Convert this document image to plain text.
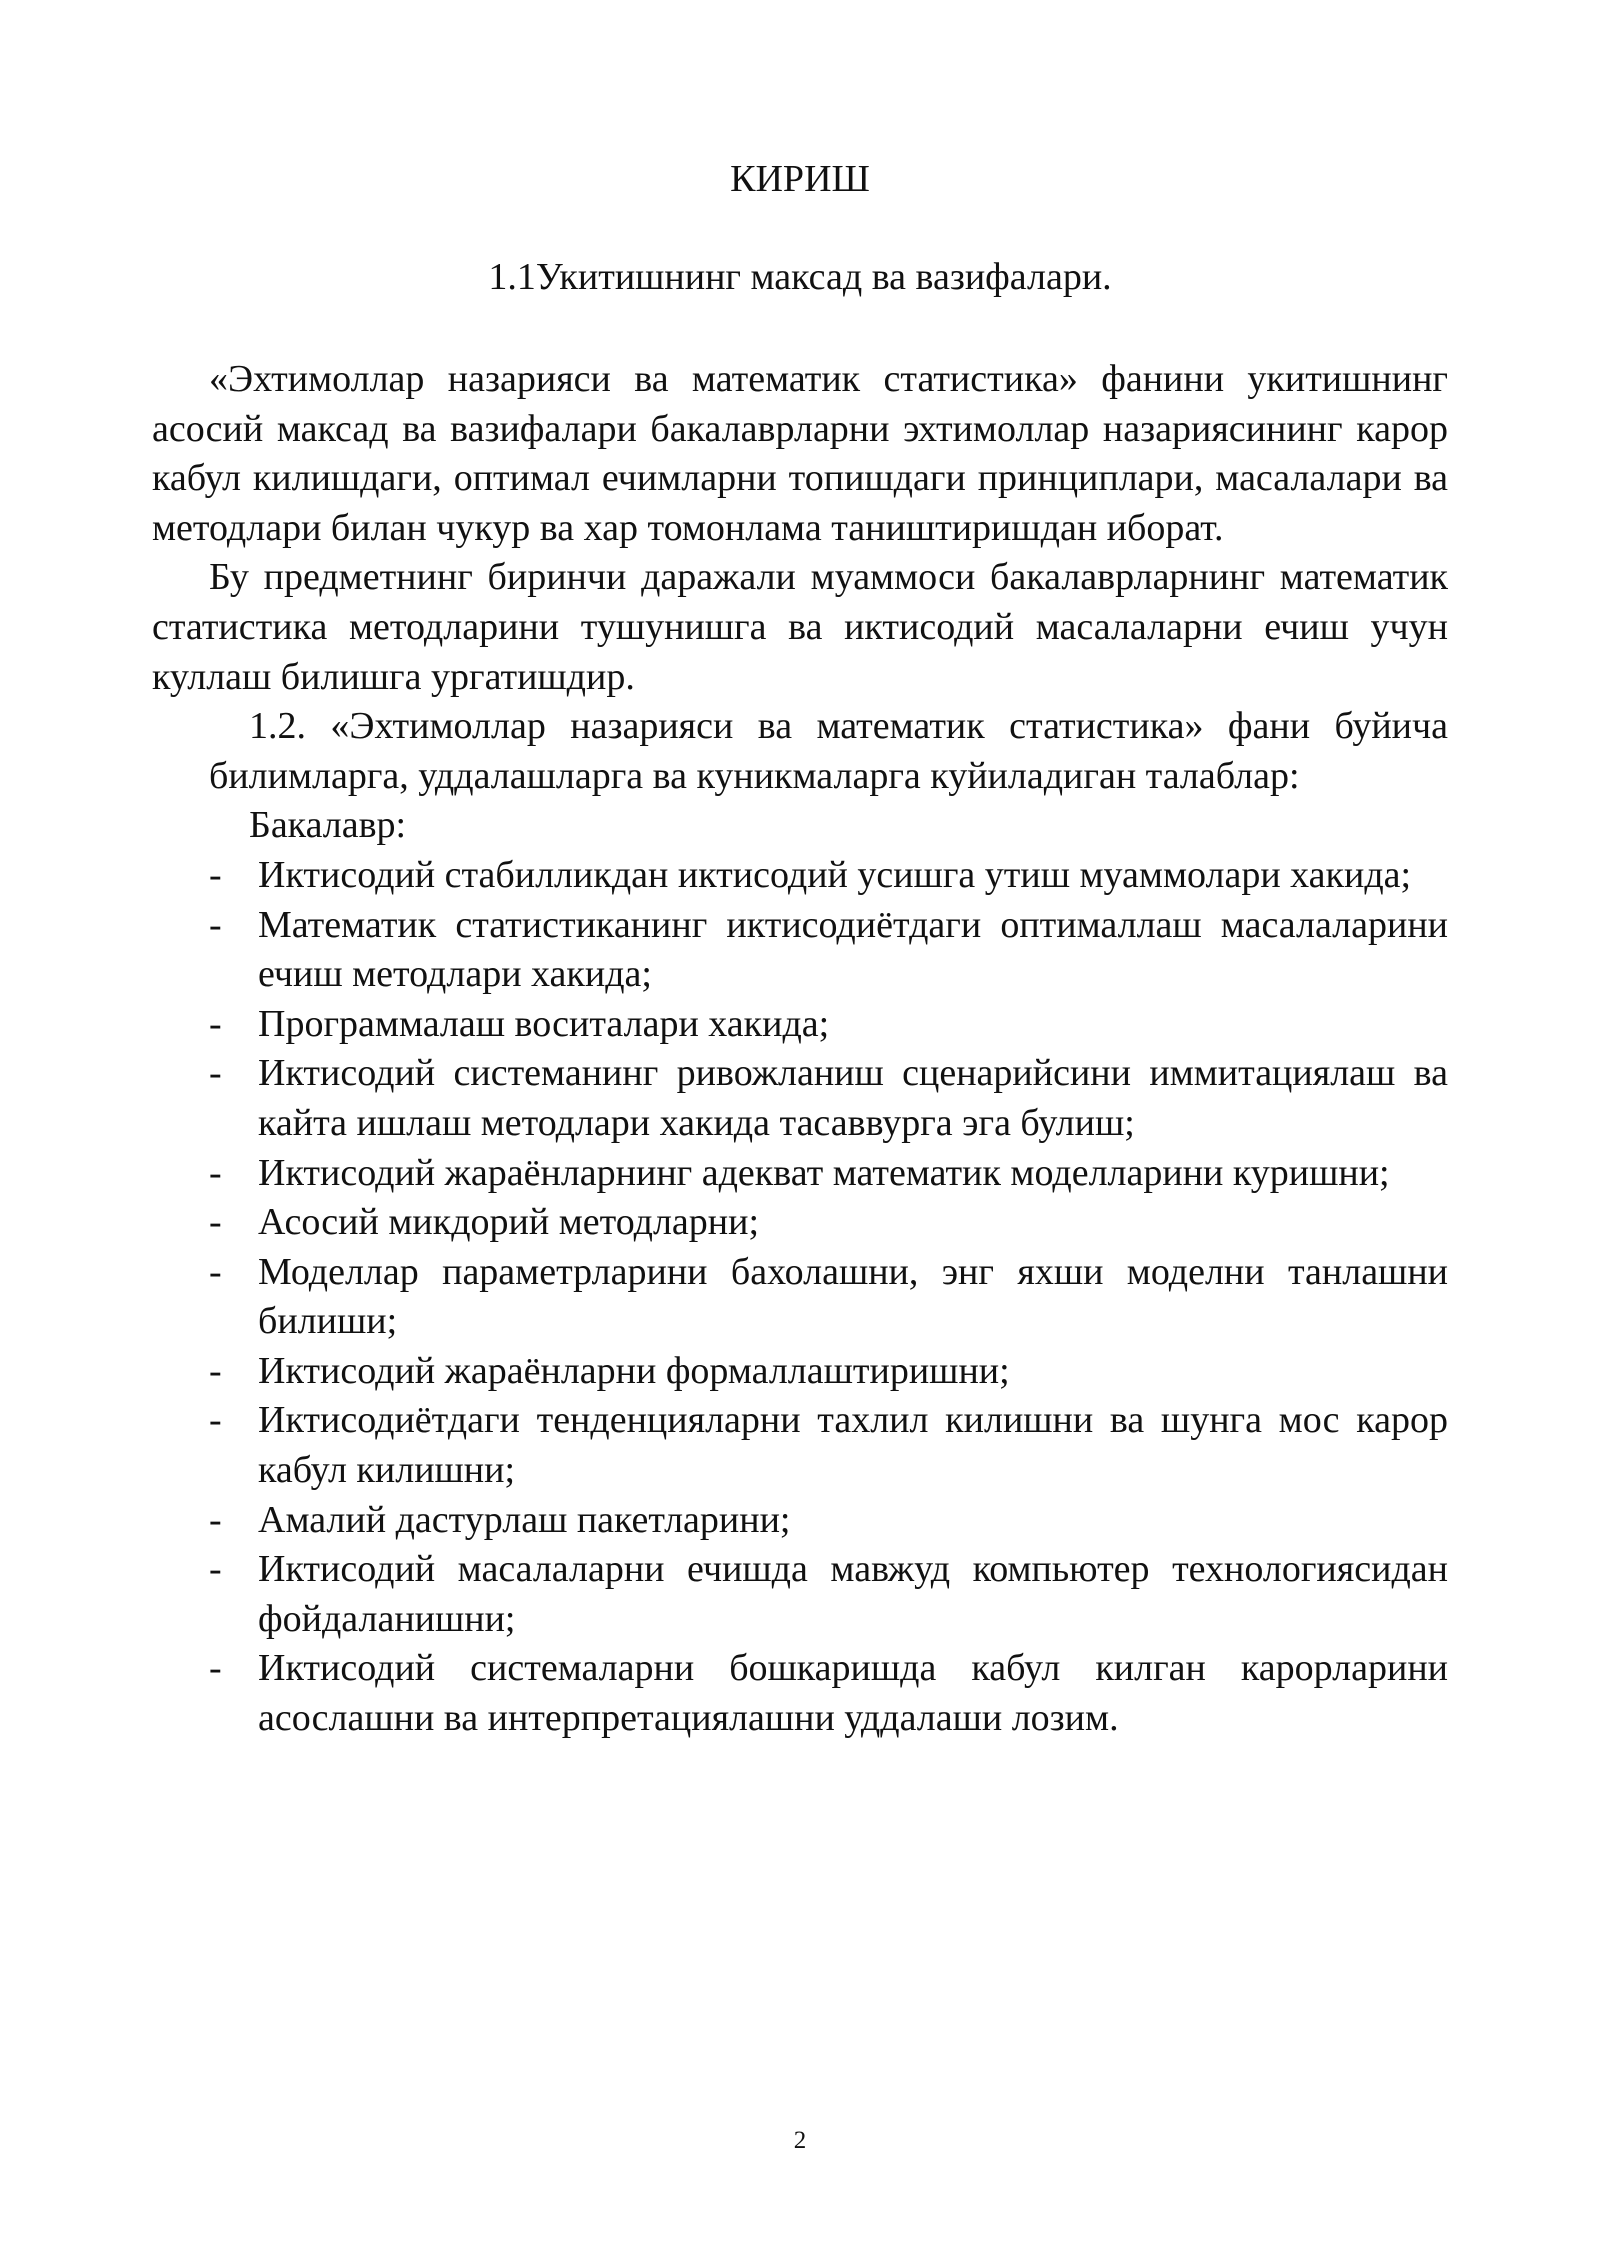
КИРИШ
1.1Укитишнинг максад ва вазифалари.

«Эхтимоллар назарияси ва математик статистика» фанини укитишнинг асосий максад ва вазифалари бакалаврларни эхтимоллар назариясининг карор кабул килишдаги, оптимал ечимларни топишдаги принциплари, масалалари ва методлари билан чукур ва хар томонлама таништиришдан иборат.

Бу предметнинг биринчи даражали муаммоси бакалаврларнинг математик статистика методларини тушунишга ва иктисодий масалаларни ечиш учун куллаш билишга ургатишдир.

1.2. «Эхтимоллар назарияси ва математик статистика» фани буйича билимларга, уддалашларга ва куникмаларга куйиладиган талаблар:

Бакалавр:

- Иктисодий стабилликдан иктисодий усишга утиш муаммолари хакида;
- Математик статистиканинг иктисодиётдаги оптималлаш масалаларини ечиш методлари хакида;
- Программалаш воситалари хакида;
- Иктисодий системанинг ривожланиш сценарийсини иммитациялаш ва кайта ишлаш методлари хакида тасаввурга эга булиш;
- Иктисодий жараёнларнинг адекват математик моделларини куришни;
- Асосий микдорий методларни;
- Моделлар параметрларини бахолашни, энг яхши моделни танлашни билиши;
- Иктисодий жараёнларни формаллаштиришни;
- Иктисодиётдаги тенденцияларни тахлил килишни ва шунга мос карор кабул килишни;
- Амалий дастурлаш пакетларини;
- Иктисодий масалаларни ечишда мавжуд компьютер технологиясидан фойдаланишни;
- Иктисодий системаларни бошкаришда кабул килган карорларини асослашни ва интерпретациялашни уддалаши лозим.
2
